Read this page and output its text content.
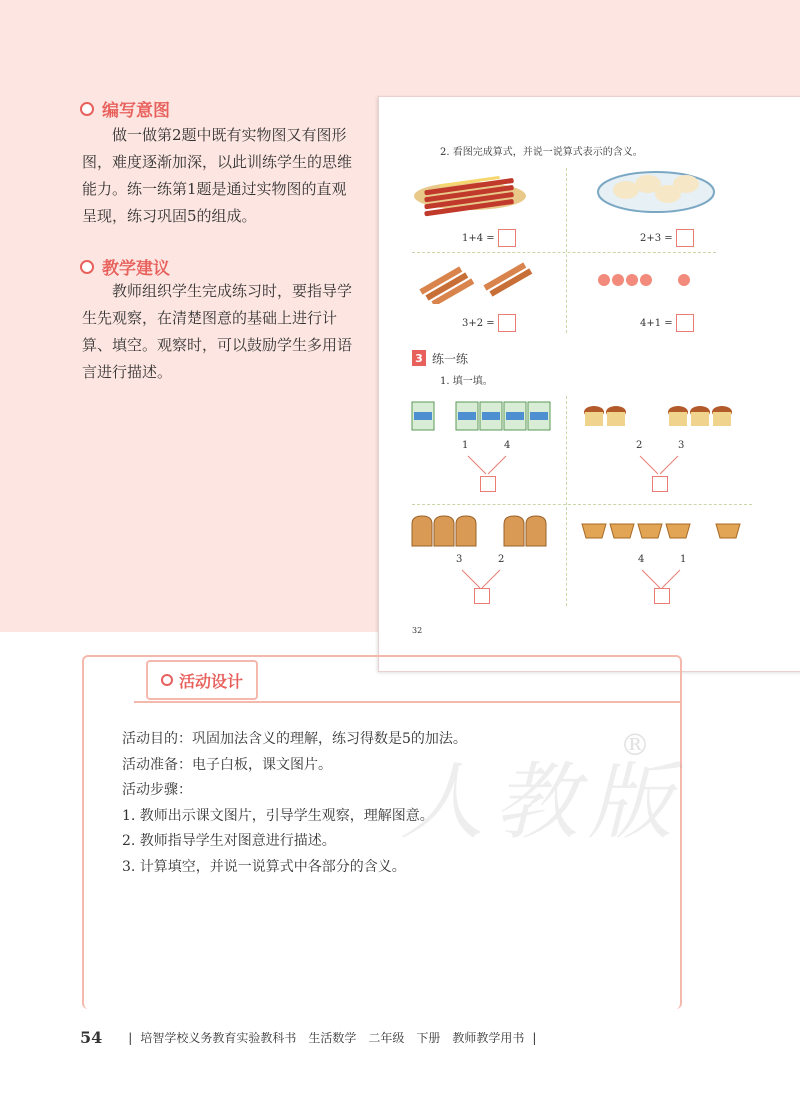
编写意图

做一做第2题中既有实物图又有图形图，难度逐渐加深，以此训练学生的思维能力。练一练第1题是通过实物图的直观呈现，练习巩固5的组成。

教学建议

教师组织学生完成练习时，要指导学生先观察，在清楚图意的基础上进行计算、填空。观察时，可以鼓励学生多用语言进行描述。

2. 看图完成算式，并说一说算式表示的含义。
1+4 =	2+3 =
3+2 =	4+1 =
3 练一练
1. 填一填。
1	4	2	3
3	2	4	1
32
活动设计
人教版
®
活动目的：巩固加法含义的理解，练习得数是5的加法。
活动准备：电子白板，课文图片。
活动步骤：
1. 教师出示课文图片，引导学生观察，理解图意。
2. 教师指导学生对图意进行描述。
3. 计算填空，并说一说算式中各部分的含义。
54 | 培智学校义务教育实验教科书 生活数学 二年级 下册 教师教学用书 |
